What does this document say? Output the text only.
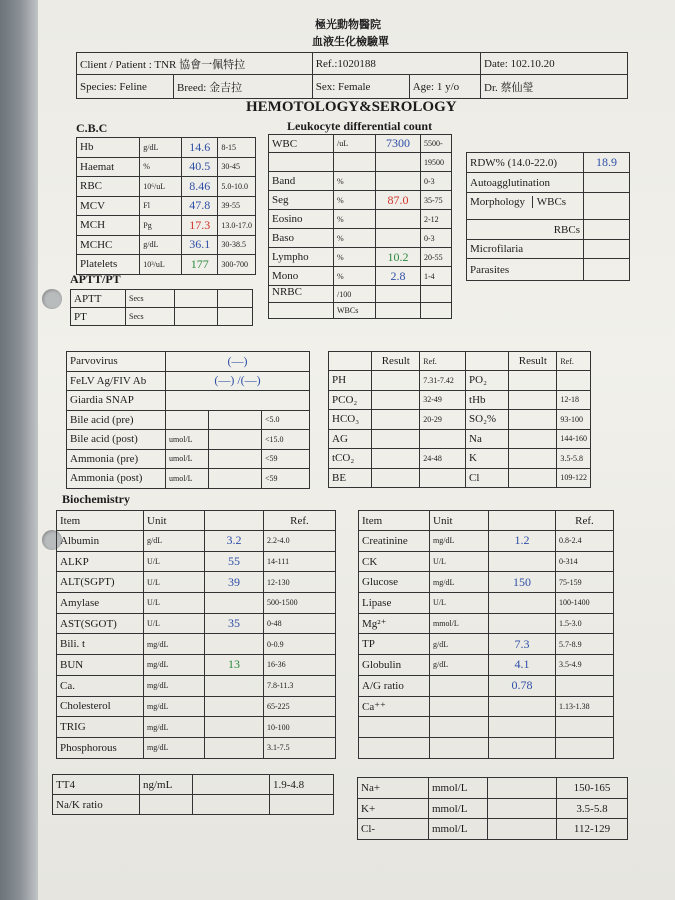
極光動物醫院
血液生化檢驗單
Client / Patient : TNR 協會一佩特拉		Ref.:1020188		Date: 102.10.20
Species: Feline	Breed: 金吉拉	Sex: Female	Age: 1 y/o	Dr. 蔡仙瑩
HEMOTOLOGY&SEROLOGY
C.B.C	Leukocyte differential count
Hb	g/dL	14.6	8-15
Haemat	%	40.5	30-45
RBC	10⁶/uL	8.46	5.0-10.0
MCV	Fl	47.8	39-55
MCH	Pg	17.3	13.0-17.0
MCHC	g/dL	36.1	30-38.5
Platelets	10³/uL	177	300-700
WBC	/uL	7300	5500-
			19500
Band	%		0-3
Seg	%	87.0	35-75
Eosino	%		2-12
Baso	%		0-3
Lympho	%	10.2	20-55
Mono	%	2.8	1-4
NRBC	/100		
	WBCs		
RDW% (14.0-22.0)	18.9
Autoagglutination	
Morphology WBCs	
RBCs	
Microfilaria	
Parasites	
APTT/PT
APTT	Secs		
PT	Secs		
Parvovirus	(—)		
FeLV Ag/FIV Ab	(—) /(—)		
Giardia SNAP			
Bile acid (pre)			<5.0
Bile acid (post)	umol/L		<15.0
Ammonia (pre)	umol/L		<59
Ammonia (post)	umol/L		<59
	Result	Ref.		Result	Ref.
PH		7.31-7.42	PO₂		
PCO₂		32-49	tHb		12-18
HCO₃		20-29	SO₂%		93-100
AG			Na		144-160
tCO₂		24-48	K		3.5-5.8
BE			Cl		109-122
Biochemistry
Item	Unit		Ref.
Albumin	g/dL	3.2	2.2-4.0
ALKP	U/L	55	14-111
ALT(SGPT)	U/L	39	12-130
Amylase	U/L		500-1500
AST(SGOT)	U/L	35	0-48
Bili. t	mg/dL		0-0.9
BUN	mg/dL	13	16-36
Ca.	mg/dL		7.8-11.3
Cholesterol	mg/dL		65-225
TRIG	mg/dL		10-100
Phosphorous	mg/dL		3.1-7.5
Item	Unit		Ref.
Creatinine	mg/dL	1.2	0.8-2.4
CK	U/L		0-314
Glucose	mg/dL	150	75-159
Lipase	U/L		100-1400
Mg²⁺	mmol/L		1.5-3.0
TP	g/dL	7.3	5.7-8.9
Globulin	g/dL	4.1	3.5-4.9
A/G ratio		0.78	
Ca⁺⁺			1.13-1.38

TT4	ng/mL		1.9-4.8
Na/K ratio			
Na+	mmol/L		150-165
K+	mmol/L		3.5-5.8
Cl-	mmol/L		112-129
